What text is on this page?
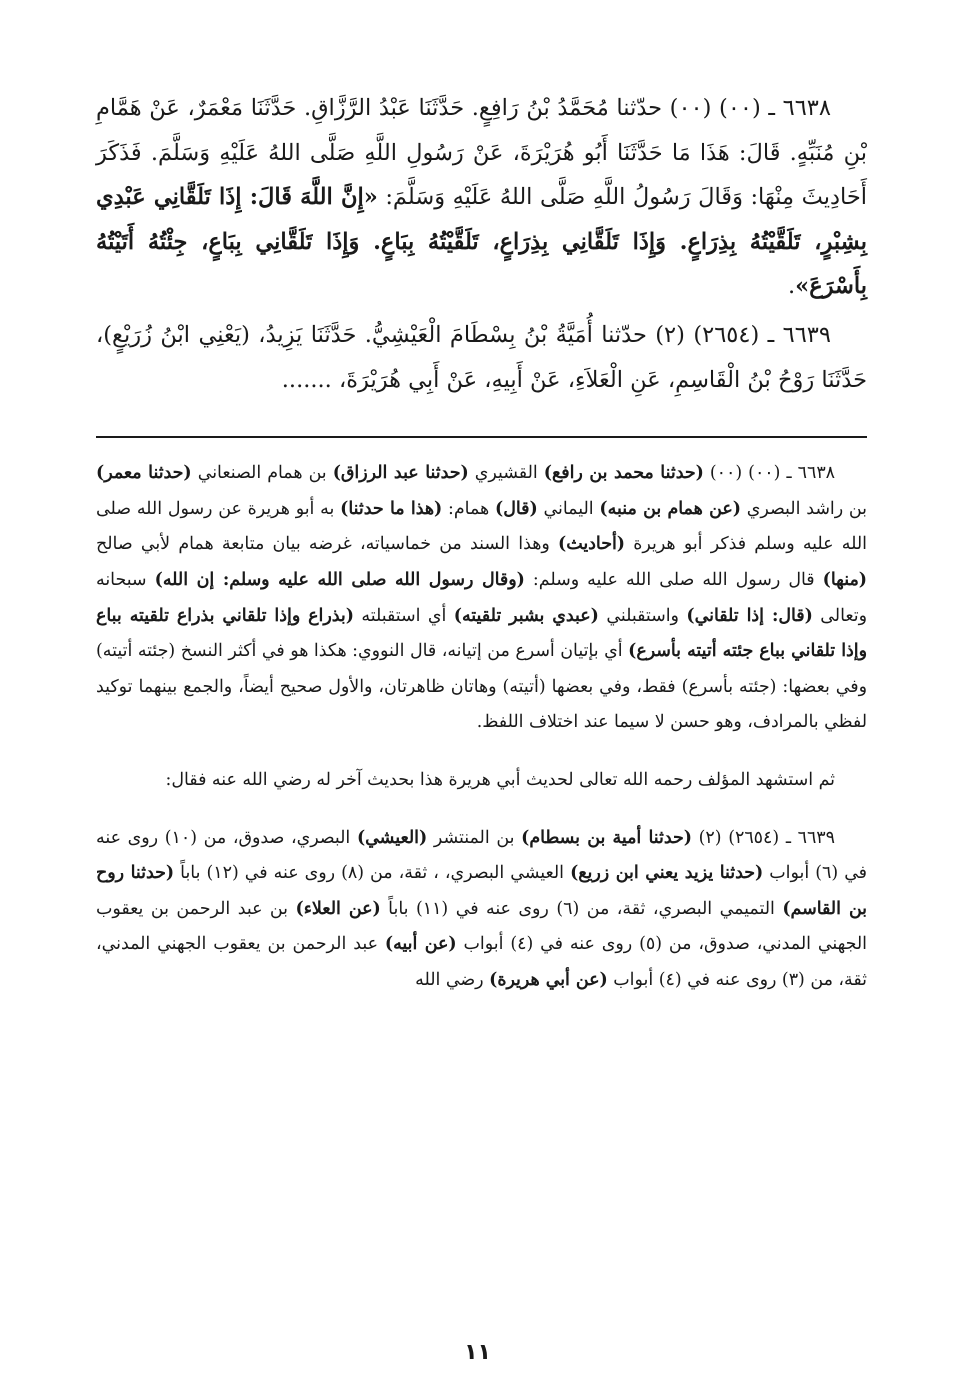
٦٦٣٨ ـ (٠٠) (٠٠) حدّثنا مُحَمَّدُ بْنُ رَافِعٍ. حَدَّثَنَا عَبْدُ الرَّزَّاقِ. حَدَّثَنَا مَعْمَرٌ، عَنْ هَمَّامِ بْنِ مُنَبِّهٍ. قَالَ: هَذَا مَا حَدَّثَنَا أَبُو هُرَيْرَةَ، عَنْ رَسُولِ اللَّهِ صَلَّى اللهُ عَلَيْهِ وَسَلَّمَ. فَذَكَرَ أَحَادِيثَ مِنْهَا: وَقَالَ رَسُولُ اللَّهِ صَلَّى اللهُ عَلَيْهِ وَسَلَّمَ: «إِنَّ اللَّهَ قَالَ: إِذَا تَلَقَّانِي عَبْدِي بِشِبْرٍ، تَلَقَّيْتُهُ بِذِرَاعٍ. وَإِذَا تَلَقَّانِي بِذِرَاعٍ، تَلَقَّيْتُهُ بِبَاعٍ. وَإِذَا تَلَقَّانِي بِبَاعٍ، جِئْتُهُ أَتَيْتُهُ بِأَسْرَعَ».

٦٦٣٩ ـ (٢٦٥٤) (٢) حدّثنا أُمَيَّةُ بْنُ بِسْطَامَ الْعَيْشِيُّ. حَدَّثَنَا يَزِيدُ، (يَعْنِي ابْنُ زُرَيْعٍ)، حَدَّثَنَا رَوْحُ بْنُ الْقَاسِمِ، عَنِ الْعَلاَءِ، عَنْ أَبِيهِ، عَنْ أَبِي هُرَيْرَةَ، .......

٦٦٣٨ ـ (٠٠) (٠٠) (حدثنا محمد بن رافع) القشيري (حدثنا عبد الرزاق) بن همام الصنعاني (حدثنا معمر) بن راشد البصري (عن همام بن منبه) اليماني (قال) همام: (هذا ما حدثنا) به أبو هريرة عن رسول الله صلى الله عليه وسلم فذكر أبو هريرة (أحاديث) وهذا السند من خماسياته، غرضه بيان متابعة همام لأبي صالح (منها) قال رسول الله صلى الله عليه وسلم: (وقال رسول الله صلى الله عليه وسلم: إن الله) سبحانه وتعالى (قال: إذا تلقاني) واستقبلني (عبدي بشبر تلقيته) أي استقبلته (بذراع وإذا تلقاني بذراع تلقيته بباع وإذا تلقاني بباع جئته أتيته بأسرع) أي بإتيان أسرع من إتيانه، قال النووي: هكذا هو في أكثر النسخ (جئته أتيته) وفي بعضها: (جئته بأسرع) فقط، وفي بعضها (أتيته) وهاتان ظاهرتان، والأول صحيح أيضاً، والجمع بينهما توكيد لفظي بالمرادف، وهو حسن لا سيما عند اختلاف اللفظ.

ثم استشهد المؤلف رحمه الله تعالى لحديث أبي هريرة هذا بحديث آخر له رضي الله عنه فقال:

٦٦٣٩ ـ (٢٦٥٤) (٢) (حدثنا أمية بن بسطام) بن المنتشر (العيشي) البصري، صدوق، من (١٠) روى عنه في (٦) أبواب (حدثنا يزيد يعني ابن زريع) العيشي البصري، ، ثقة، من (٨) روى عنه في (١٢) باباً (حدثنا روح بن القاسم) التميمي البصري، ثقة، من (٦) روى عنه في (١١) باباً (عن العلاء) بن عبد الرحمن بن يعقوب الجهني المدني، صدوق، من (٥) روى عنه في (٤) أبواب (عن أبيه) عبد الرحمن بن يعقوب الجهني المدني، ثقة، من (٣) روى عنه في (٤) أبواب (عن أبي هريرة) رضي الله

١١
